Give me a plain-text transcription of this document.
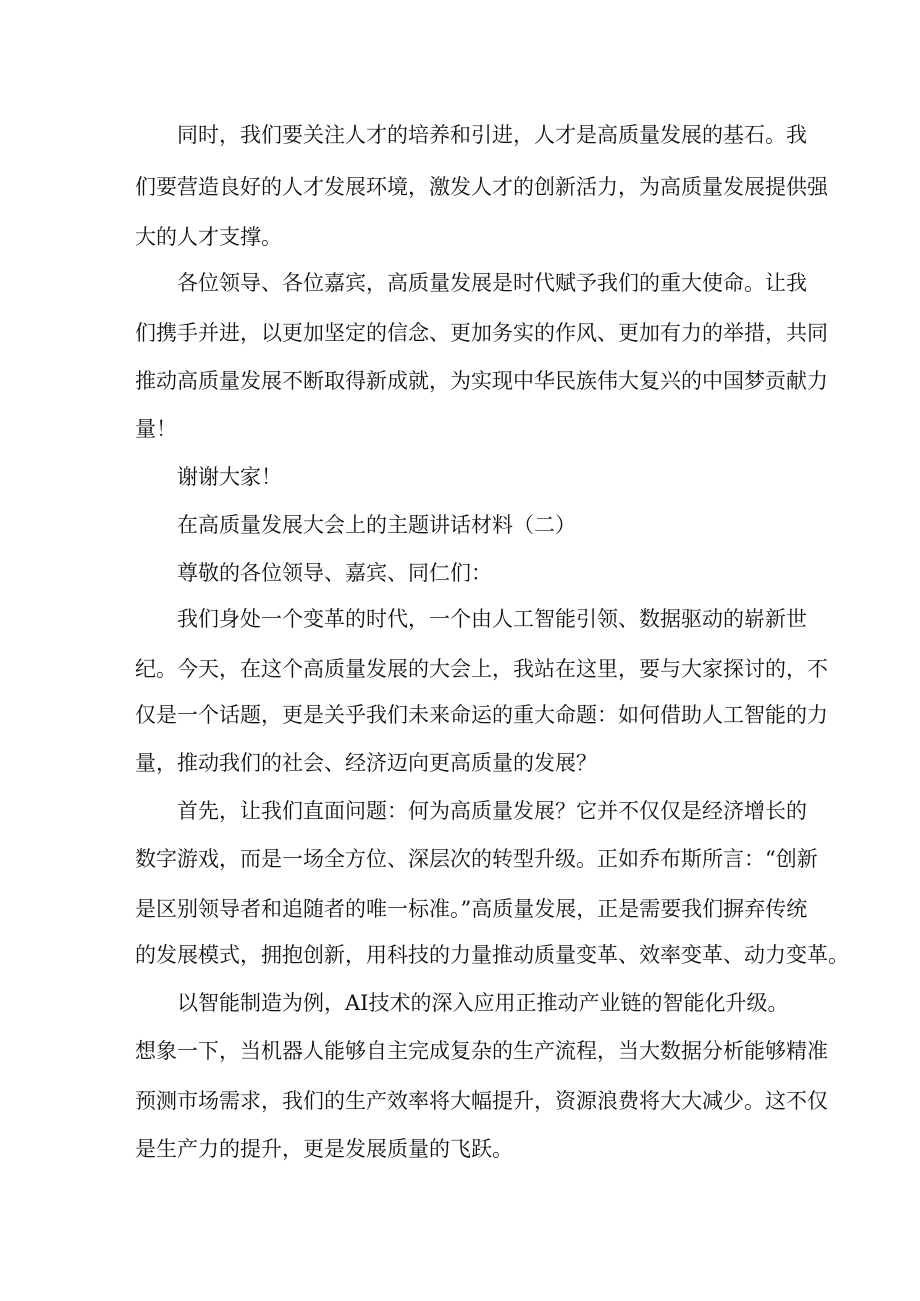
同时，我们要关注人才的培养和引进，人才是高质量发展的基石。我
们要营造良好的人才发展环境，激发人才的创新活力，为高质量发展提供强
大的人才支撑。
各位领导、各位嘉宾，高质量发展是时代赋予我们的重大使命。让我
们携手并进，以更加坚定的信念、更加务实的作风、更加有力的举措，共同
推动高质量发展不断取得新成就，为实现中华民族伟大复兴的中国梦贡献力
量！
谢谢大家！
在高质量发展大会上的主题讲话材料（二）
尊敬的各位领导、嘉宾、同仁们：
我们身处一个变革的时代，一个由人工智能引领、数据驱动的崭新世
纪。今天，在这个高质量发展的大会上，我站在这里，要与大家探讨的，不
仅是一个话题，更是关乎我们未来命运的重大命题：如何借助人工智能的力
量，推动我们的社会、经济迈向更高质量的发展？
首先，让我们直面问题：何为高质量发展？它并不仅仅是经济增长的
数字游戏，而是一场全方位、深层次的转型升级。正如乔布斯所言：“创新
是区别领导者和追随者的唯一标准。”高质量发展，正是需要我们摒弃传统
的发展模式，拥抱创新，用科技的力量推动质量变革、效率变革、动力变革。
以智能制造为例，AI技术的深入应用正推动产业链的智能化升级。
想象一下，当机器人能够自主完成复杂的生产流程，当大数据分析能够精准
预测市场需求，我们的生产效率将大幅提升，资源浪费将大大减少。这不仅
是生产力的提升，更是发展质量的飞跃。
